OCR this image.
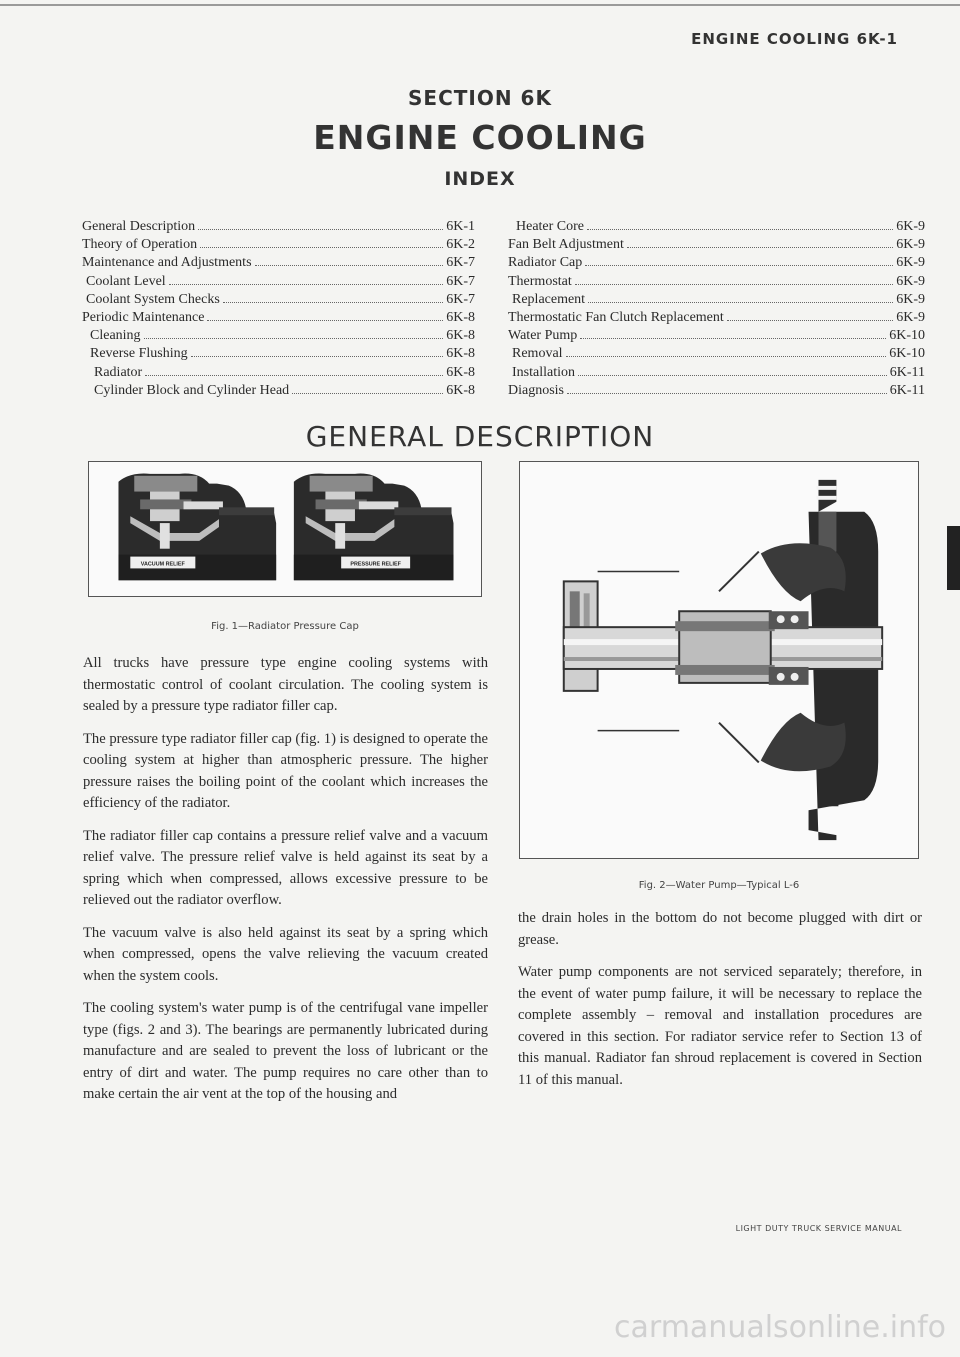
ENGINE COOLING 6K-1
SECTION 6K
ENGINE COOLING
INDEX
General Description	6K-1
Theory of Operation	6K-2
Maintenance and Adjustments	6K-7
Coolant Level	6K-7
Coolant System Checks	6K-7
Periodic Maintenance	6K-8
Cleaning	6K-8
Reverse Flushing	6K-8
Radiator	6K-8
Cylinder Block and Cylinder Head	6K-8
Heater Core	6K-9
Fan Belt Adjustment	6K-9
Radiator Cap	6K-9
Thermostat	6K-9
Replacement	6K-9
Thermostatic Fan Clutch Replacement	6K-9
Water Pump	6K-10
Removal	6K-10
Installation	6K-11
Diagnosis	6K-11
GENERAL DESCRIPTION
VACUUM RELIEF	PRESSURE RELIEF
Fig. 1—Radiator Pressure Cap
Fig. 2—Water Pump—Typical L-6

All trucks have pressure type engine cooling systems with thermostatic control of coolant circulation. The cooling system is sealed by a pressure type radiator filler cap.

The pressure type radiator filler cap (fig. 1) is designed to operate the cooling system at higher than atmospheric pressure. The higher pressure raises the boiling point of the coolant which increases the efficiency of the radiator.

The radiator filler cap contains a pressure relief valve and a vacuum relief valve. The pressure relief valve is held against its seat by a spring which when compressed, allows excessive pressure to be relieved out the radiator overflow.

The vacuum valve is also held against its seat by a spring which when compressed, opens the valve relieving the vacuum created when the system cools.

The cooling system's water pump is of the centrifugal vane impeller type (figs. 2 and 3). The bearings are permanently lubricated during manufacture and are sealed to prevent the loss of lubricant or the entry of dirt and water. The pump requires no care other than to make certain the air vent at the top of the housing and

the drain holes in the bottom do not become plugged with dirt or grease.

Water pump components are not serviced separately; therefore, in the event of water pump failure, it will be necessary to replace the complete assembly – removal and installation procedures are covered in this section. For radiator service refer to Section 13 of this manual. Radiator fan shroud replacement is covered in Section 11 of this manual.

LIGHT DUTY TRUCK SERVICE MANUAL
carmanualsonline.info
